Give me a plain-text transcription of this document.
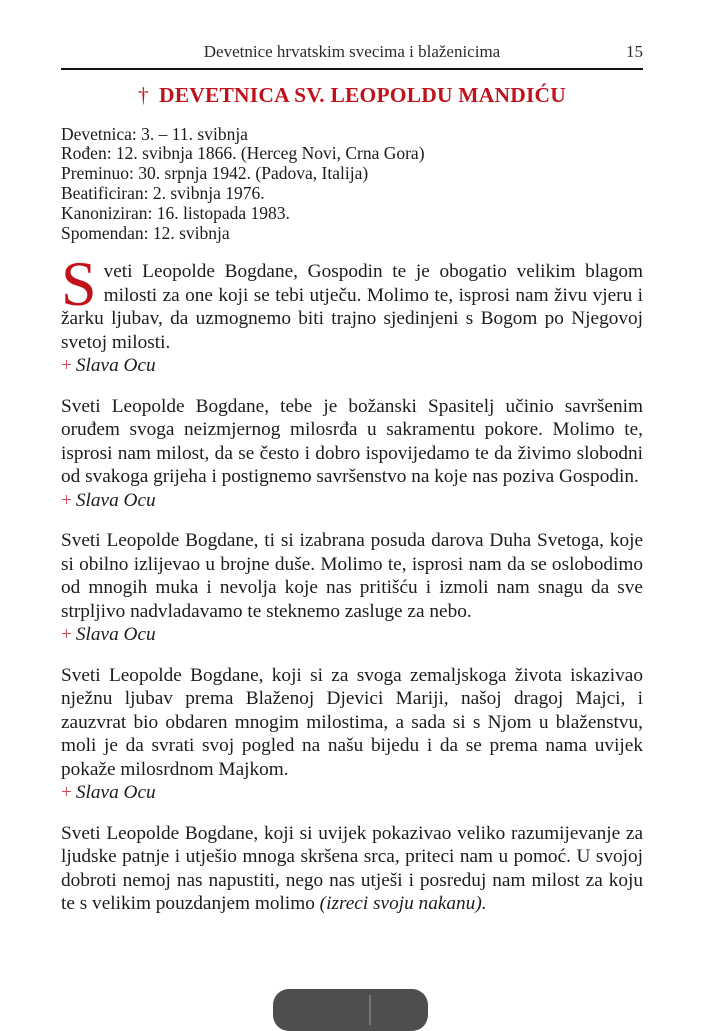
Devetnice hrvatskim svecima i blaženicima	15
† DEVETNICA SV. LEOPOLDU MANDIĆU
Devetnica: 3. – 11. svibnja
Rođen: 12. svibnja 1866. (Herceg Novi, Crna Gora)
Preminuo: 30. srpnja 1942. (Padova, Italija)
Beatificiran: 2. svibnja 1976.
Kanoniziran: 16. listopada 1983.
Spomendan: 12. svibnja

Sveti Leopolde Bogdane, Gospodin te je obogatio velikim blagom milosti za one koji se tebi utječu. Molimo te, isprosi nam živu vjeru i žarku ljubav, da uzmognemo biti trajno sjedinjeni s Bogom po Njegovoj svetoj milosti.

+ Slava Ocu

Sveti Leopolde Bogdane, tebe je božanski Spasitelj učinio savršenim oruđem svoga neizmjernog milosrđa u sakramentu pokore. Molimo te, isprosi nam milost, da se često i dobro ispovijedamo te da živimo slobodni od svakoga grijeha i postignemo savršenstvo na koje nas poziva Gospodin.

+ Slava Ocu

Sveti Leopolde Bogdane, ti si izabrana posuda darova Duha Svetoga, koje si obilno izlijevao u brojne duše. Molimo te, isprosi nam da se oslobodimo od mnogih muka i nevolja koje nas pritišću i izmoli nam snagu da sve strpljivo nadvladavamo te steknemo zasluge za nebo.

+ Slava Ocu

Sveti Leopolde Bogdane, koji si za svoga zemaljskoga života iskazivao nježnu ljubav prema Blaženoj Djevici Mariji, našoj dragoj Majci, i zauzvrat bio obdaren mnogim milostima, a sada si s Njom u blaženstvu, moli je da svrati svoj pogled na našu bijedu i da se prema nama uvijek pokaže milosrdnom Majkom.

+ Slava Ocu

Sveti Leopolde Bogdane, koji si uvijek pokazivao veliko razumijevanje za ljudske patnje i utješio mnoga skršena srca, priteci nam u pomoć. U svojoj dobroti nemoj nas napustiti, nego nas utješi i posreduj nam milost za koju te s velikim pouzdanjem molimo (izreci svoju nakanu).
